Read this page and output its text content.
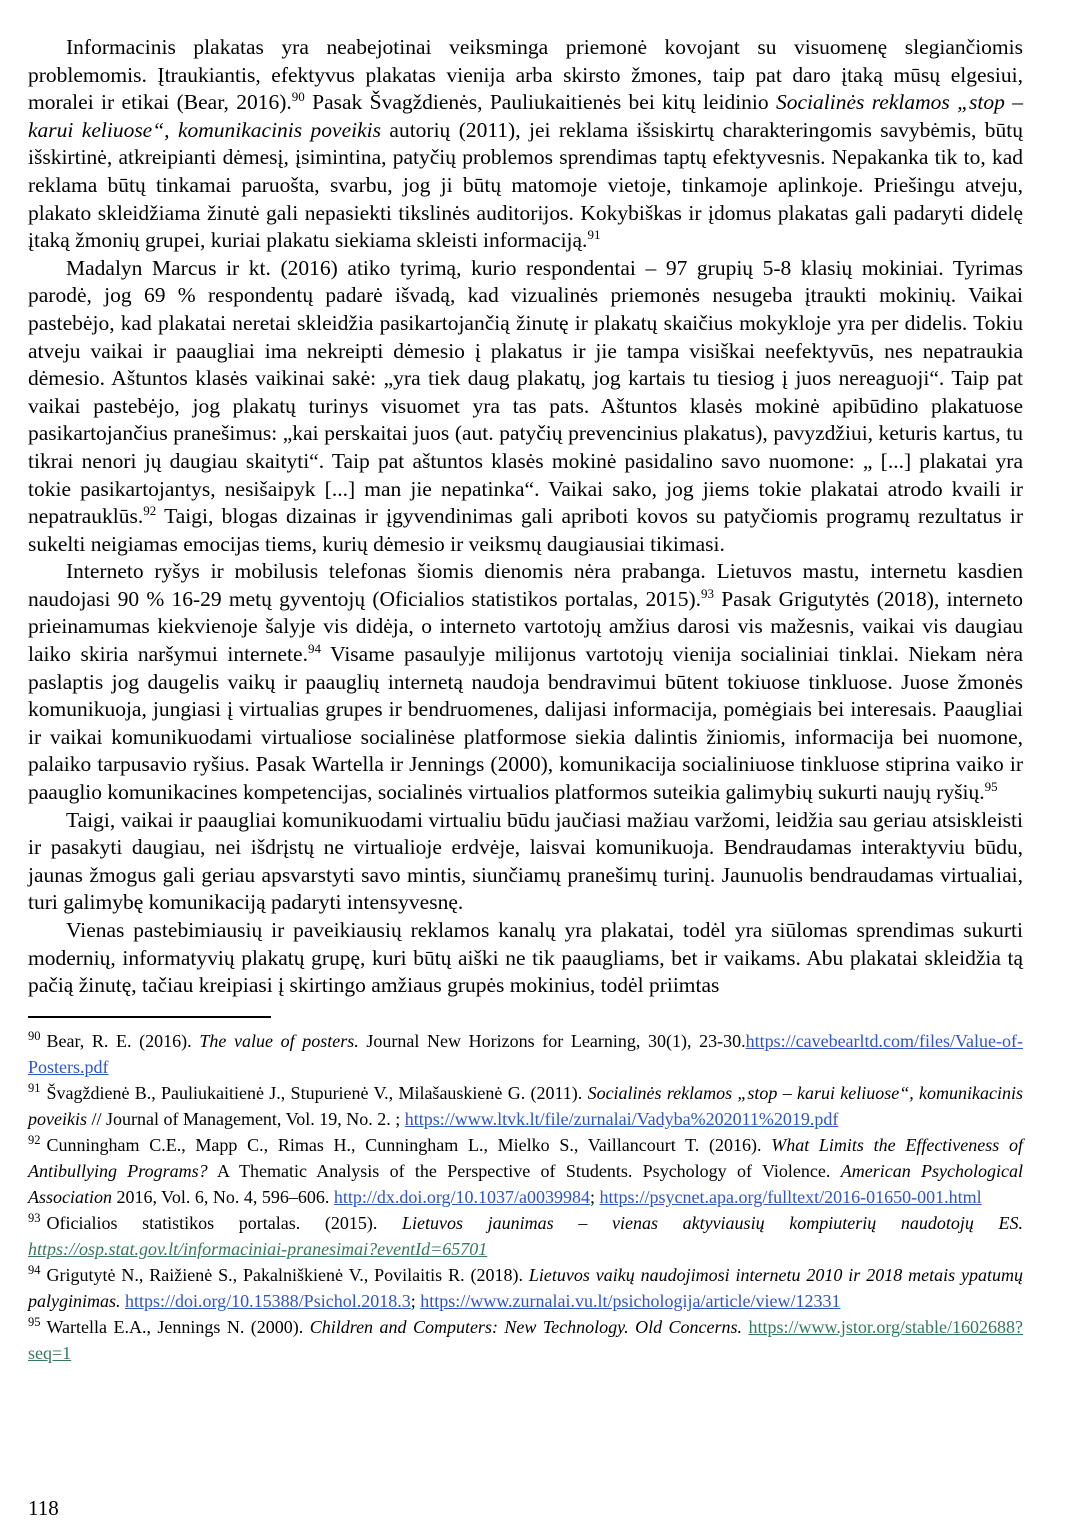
Informacinis plakatas yra neabejotinai veiksminga priemonė kovojant su visuomenę slegiančiomis problemomis. Įtraukiantis, efektyvus plakatas vienija arba skirsto žmones, taip pat daro įtaką mūsų elgesiui, moralei ir etikai (Bear, 2016).$^{90}$ Pasak Švagždienės, Pauliukaitienės bei kitų leidinio Socialinės reklamos „stop – karui keliuose“, komunikacinis poveikis autorių (2011), jei reklama išsiskirtų charakteringomis savybėmis, būtų išskirtinė, atkreipianti dėmesį, įsimintina, patyčių problemos sprendimas taptų efektyvesnis. Nepakanka tik to, kad reklama būtų tinkamai paruošta, svarbu, jog ji būtų matomoje vietoje, tinkamoje aplinkoje. Priešingu atveju, plakato skleidžiama žinutė gali nepasiekti tikslinės auditorijos. Kokybiškas ir įdomus plakatas gali padaryti didelę įtaką žmonių grupei, kuriai plakatu siekiama skleisti informaciją.$^{91}$

Madalyn Marcus ir kt. (2016) atiko tyrimą, kurio respondentai – 97 grupių 5-8 klasių mokiniai. Tyrimas parodė, jog 69 % respondentų padarė išvadą, kad vizualinės priemonės nesugeba įtraukti mokinių. Vaikai pastebėjo, kad plakatai neretai skleidžia pasikartojančią žinutę ir plakatų skaičius mokykloje yra per didelis. Tokiu atveju vaikai ir paaugliai ima nekreipti dėmesio į plakatus ir jie tampa visiškai neefektyvūs, nes nepatraukia dėmesio. Aštuntos klasės vaikinai sakė: „yra tiek daug plakatų, jog kartais tu tiesiog į juos nereaguoji“. Taip pat vaikai pastebėjo, jog plakatų turinys visuomet yra tas pats. Aštuntos klasės mokinė apibūdino plakatuose pasikartojančius pranešimus: „kai perskaitai juos (aut. patyčių prevencinius plakatus), pavyzdžiui, keturis kartus, tu tikrai nenori jų daugiau skaityti“. Taip pat aštuntos klasės mokinė pasidalino savo nuomone: „ [...] plakatai yra tokie pasikartojantys, nesišaipyk [...] man jie nepatinka“. Vaikai sako, jog jiems tokie plakatai atrodo kvaili ir nepatrauklūs.$^{92}$ Taigi, blogas dizainas ir įgyvendinimas gali apriboti kovos su patyčiomis programų rezultatus ir sukelti neigiamas emocijas tiems, kurių dėmesio ir veiksmų daugiausiai tikimasi.

Interneto ryšys ir mobilusis telefonas šiomis dienomis nėra prabanga. Lietuvos mastu, internetu kasdien naudojasi 90 % 16-29 metų gyventojų (Oficialios statistikos portalas, 2015).$^{93}$ Pasak Grigutytės (2018), interneto prieinamumas kiekvienoje šalyje vis didėja, o interneto vartotojų amžius darosi vis mažesnis, vaikai vis daugiau laiko skiria naršymui internete.$^{94}$ Visame pasaulyje milijonus vartotojų vienija socialiniai tinklai. Niekam nėra paslaptis jog daugelis vaikų ir paauglių internetą naudoja bendravimui būtent tokiuose tinkluose. Juose žmonės komunikuoja, jungiasi į virtualias grupes ir bendruomenes, dalijasi informacija, pomėgiais bei interesais. Paaugliai ir vaikai komunikuodami virtualiose socialinėse platformose siekia dalintis žiniomis, informacija bei nuomone, palaiko tarpusavio ryšius. Pasak Wartella ir Jennings (2000), komunikacija socialiniuose tinkluose stiprina vaiko ir paauglio komunikacines kompetencijas, socialinės virtualios platformos suteikia galimybių sukurti naujų ryšių.$^{95}$

Taigi, vaikai ir paaugliai komunikuodami virtualiu būdu jaučiasi mažiau varžomi, leidžia sau geriau atsiskleisti ir pasakyti daugiau, nei išdrįstų ne virtualioje erdvėje, laisvai komunikuoja. Bendraudamas interaktyviu būdu, jaunas žmogus gali geriau apsvarstyti savo mintis, siunčiamų pranešimų turinį. Jaunuolis bendraudamas virtualiai, turi galimybę komunikaciją padaryti intensyvesnę.

Vienas pastebimiausių ir paveikiausių reklamos kanalų yra plakatai, todėl yra siūlomas sprendimas sukurti modernių, informatyvių plakatų grupę, kuri būtų aiški ne tik paaugliams, bet ir vaikams. Abu plakatai skleidžia tą pačią žinutę, tačiau kreipiasi į skirtingo amžiaus grupės mokinius, todėl priimtas

$^{90}$ Bear, R. E. (2016). The value of posters. Journal New Horizons for Learning, 30(1), 23-30.https://cavebearltd.com/files/Value-of-Posters.pdf
$^{91}$ Švagždienė B., Pauliukaitienė J., Stupurienė V., Milašauskienė G. (2011). Socialinės reklamos „stop – karui keliuose“, komunikacinis poveikis // Journal of Management, Vol. 19, No. 2. ; https://www.ltvk.lt/file/zurnalai/Vadyba%202011%2019.pdf
$^{92}$ Cunningham C.E., Mapp C., Rimas H., Cunningham L., Mielko S., Vaillancourt T. (2016). What Limits the Effectiveness of Antibullying Programs? A Thematic Analysis of the Perspective of Students. Psychology of Violence. American Psychological Association 2016, Vol. 6, No. 4, 596–606. http://dx.doi.org/10.1037/a0039984; https://psycnet.apa.org/fulltext/2016-01650-001.html
$^{93}$ Oficialios statistikos portalas. (2015). Lietuvos jaunimas – vienas aktyviausių kompiuterių naudotojų ES. https://osp.stat.gov.lt/informaciniai-pranesimai?eventId=65701
$^{94}$ Grigutytė N., Raižienė S., Pakalniškienė V., Povilaitis R. (2018). Lietuvos vaikų naudojimosi internetu 2010 ir 2018 metais ypatumų palyginimas. https://doi.org/10.15388/Psichol.2018.3; https://www.zurnalai.vu.lt/psichologija/article/view/12331
$^{95}$ Wartella E.A., Jennings N. (2000). Children and Computers: New Technology. Old Concerns. https://www.jstor.org/stable/1602688?seq=1
118
